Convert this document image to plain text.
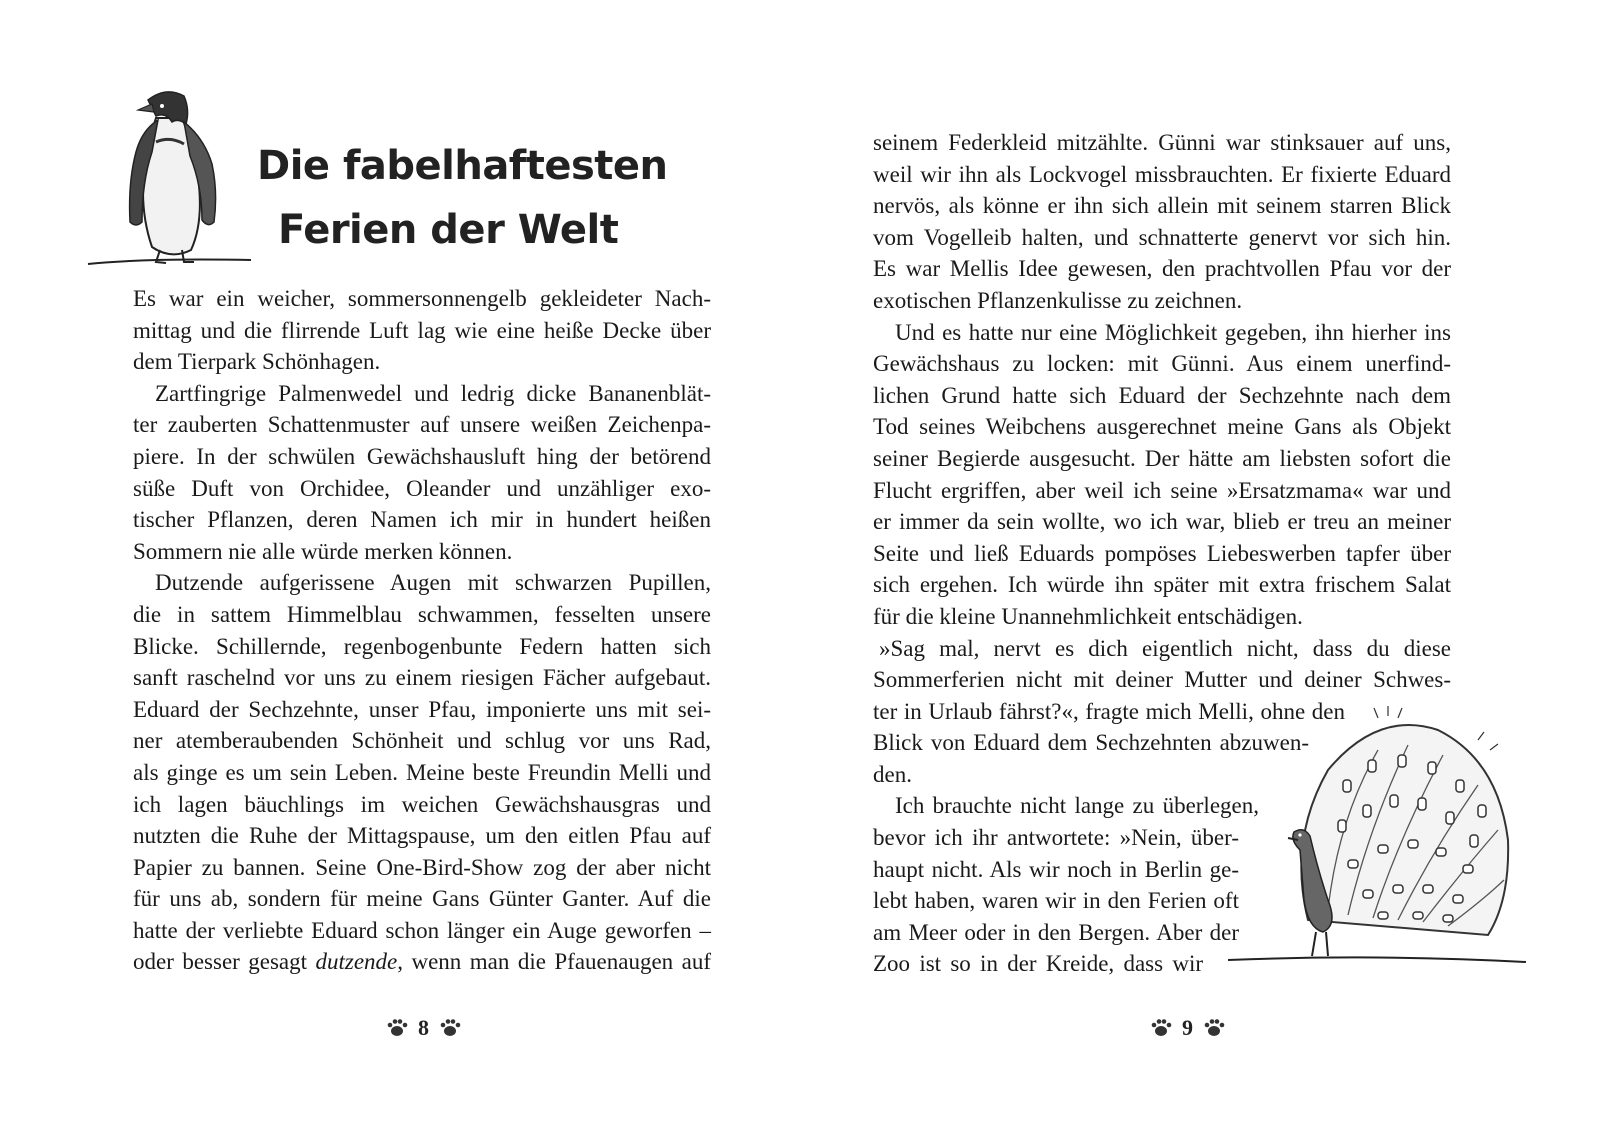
Die fabelhaftesten
Ferien der Welt
Es war ein weicher, sommersonnengelb gekleideter Nach-
mittag und die flirrende Luft lag wie eine heiße Decke über
dem Tierpark Schönhagen.
Zartfingrige Palmenwedel und ledrig dicke Bananenblät-
ter zauberten Schattenmuster auf unsere weißen Zeichenpa-
piere. In der schwülen Gewächshausluft hing der betörend
süße Duft von Orchidee, Oleander und unzähliger exo-
tischer Pflanzen, deren Namen ich mir in hundert heißen
Sommern nie alle würde merken können.
Dutzende aufgerissene Augen mit schwarzen Pupillen,
die in sattem Himmelblau schwammen, fesselten unsere
Blicke. Schillernde, regenbogenbunte Federn hatten sich
sanft raschelnd vor uns zu einem riesigen Fächer aufgebaut.
Eduard der Sechzehnte, unser Pfau, imponierte uns mit sei-
ner atemberaubenden Schönheit und schlug vor uns Rad,
als ginge es um sein Leben. Meine beste Freundin Melli und
ich lagen bäuchlings im weichen Gewächshausgras und
nutzten die Ruhe der Mittagspause, um den eitlen Pfau auf
Papier zu bannen. Seine One-Bird-Show zog der aber nicht
für uns ab, sondern für meine Gans Günter Ganter. Auf die
hatte der verliebte Eduard schon länger ein Auge geworfen –
oder besser gesagt dutzende, wenn man die Pfauenaugen auf
8
seinem Federkleid mitzählte. Günni war stinksauer auf uns,
weil wir ihn als Lockvogel missbrauchten. Er fixierte Eduard
nervös, als könne er ihn sich allein mit seinem starren Blick
vom Vogelleib halten, und schnatterte genervt vor sich hin.
Es war Mellis Idee gewesen, den prachtvollen Pfau vor der
exotischen Pflanzenkulisse zu zeichnen.
Und es hatte nur eine Möglichkeit gegeben, ihn hierher ins
Gewächshaus zu locken: mit Günni. Aus einem unerfind-
lichen Grund hatte sich Eduard der Sechzehnte nach dem
Tod seines Weibchens ausgerechnet meine Gans als Objekt
seiner Begierde ausgesucht. Der hätte am liebsten sofort die
Flucht ergriffen, aber weil ich seine »Ersatzmama« war und
er immer da sein wollte, wo ich war, blieb er treu an meiner
Seite und ließ Eduards pompöses Liebeswerben tapfer über
sich ergehen. Ich würde ihn später mit extra frischem Salat
für die kleine Unannehmlichkeit entschädigen.
»Sag mal, nervt es dich eigentlich nicht, dass du diese
Sommerferien nicht mit deiner Mutter und deiner Schwes-
ter in Urlaub fährst?«, fragte mich Melli, ohne den
Blick von Eduard dem Sechzehnten abzuwen-
den.
Ich brauchte nicht lange zu überlegen,
bevor ich ihr antwortete: »Nein, über-
haupt nicht. Als wir noch in Berlin ge-
lebt haben, waren wir in den Ferien oft
am Meer oder in den Bergen. Aber der
Zoo ist so in der Kreide, dass wir
9
